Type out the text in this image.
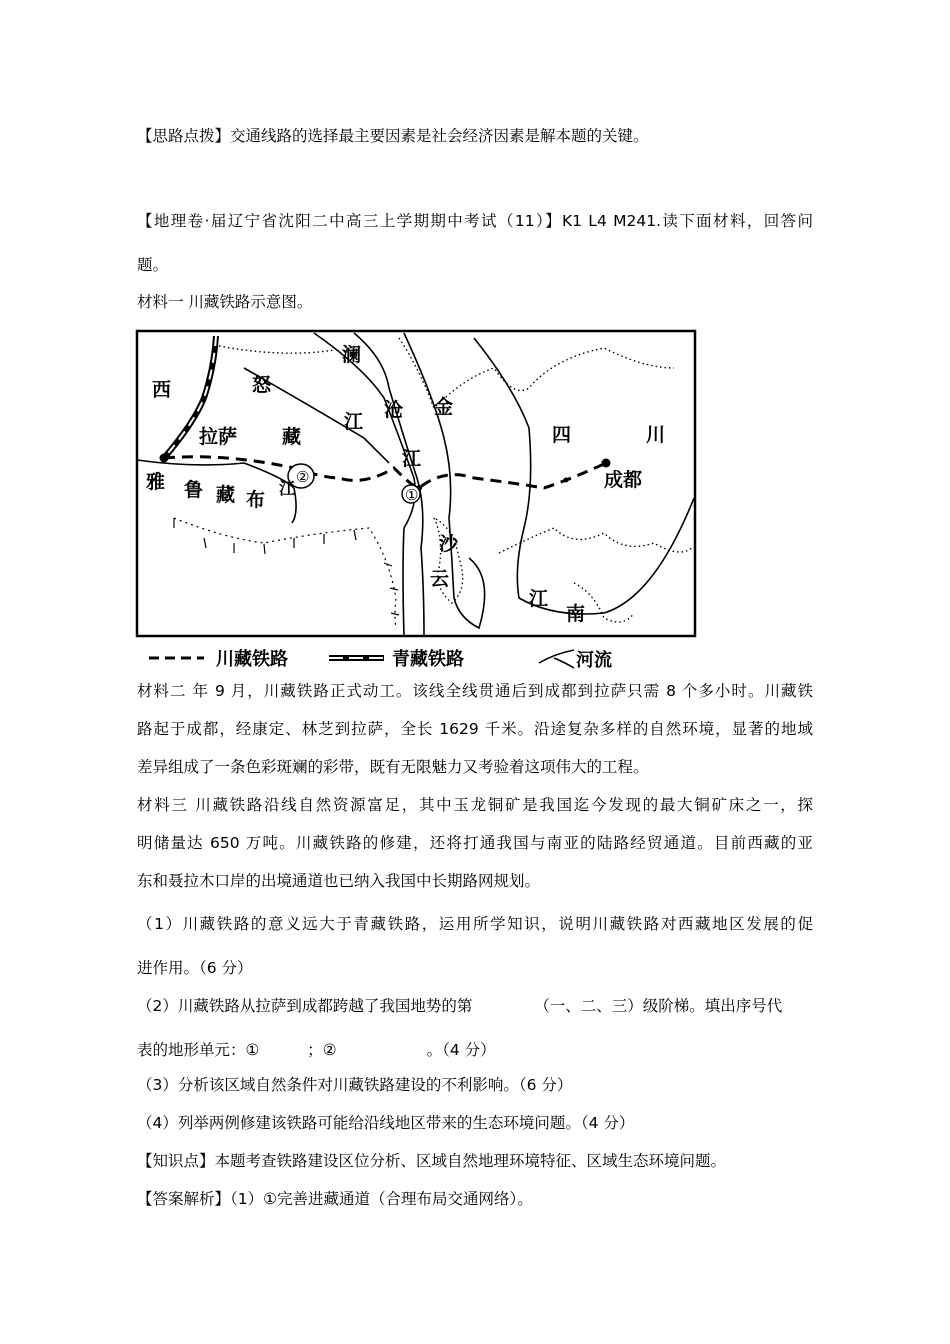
【思路点拨】交通线路的选择最主要因素是社会经济因素是解本题的关键。
【地理卷·届辽宁省沈阳二中高三上学期期中考试（11）】K1 L4 M241.读下面材料，回答问
题。
材料一 川藏铁路示意图。
②
①
西	怒
澜
江
沧 金
拉萨 藏
江
四	川
雅 鲁 藏 布
江	成都
沙
云
江
南
川藏铁路	青藏铁路	河流
材料二 年 9 月，川藏铁路正式动工。该线全线贯通后到成都到拉萨只需 8 个多小时。川藏铁
路起于成都，经康定、林芝到拉萨，全长 1629 千米。沿途复杂多样的自然环境，显著的地域
差异组成了一条色彩斑斓的彩带，既有无限魅力又考验着这项伟大的工程。
材料三 川藏铁路沿线自然资源富足，其中玉龙铜矿是我国迄今发现的最大铜矿床之一，探
明储量达 650 万吨。川藏铁路的修建，还将打通我国与南亚的陆路经贸通道。目前西藏的亚
东和聂拉木口岸的出境通道也已纳入我国中长期路网规划。
（1）川藏铁路的意义远大于青藏铁路，运用所学知识，说明川藏铁路对西藏地区发展的促
进作用。（6 分）
（2）川藏铁路从拉萨到成都跨越了我国地势的第	（一、二、三）级阶梯。填出序号代
表的地形单元：①	；②	。（4 分）
（3）分析该区域自然条件对川藏铁路建设的不利影响。（6 分）
（4）列举两例修建该铁路可能给沿线地区带来的生态环境问题。（4 分）
【知识点】本题考查铁路建设区位分析、区域自然地理环境特征、区域生态环境问题。
【答案解析】（1）①完善进藏通道（合理布局交通网络）。
